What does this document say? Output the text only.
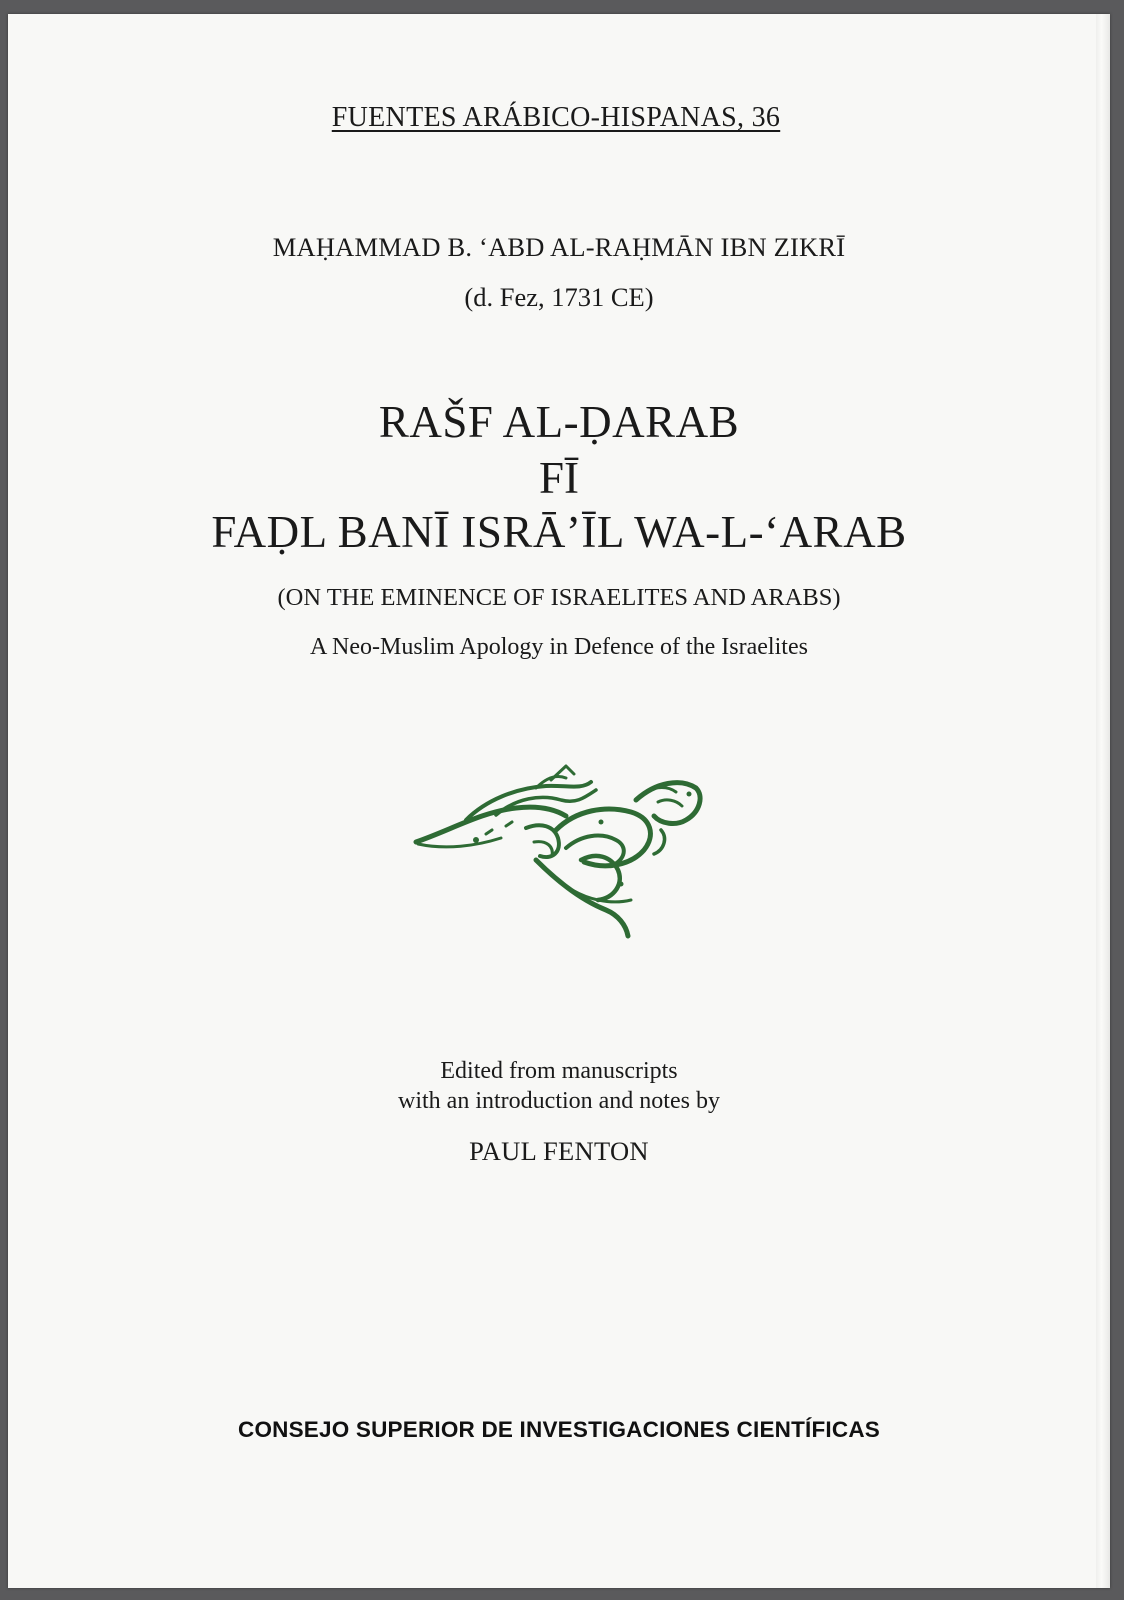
FUENTES ARÁBICO-HISPANAS, 36
MAḤAMMAD B. ‘ABD AL-RAḤMĀN IBN ZIKRĪ
(d. Fez, 1731 CE)
RAŠF AL-ḌARAB
FĪ
FAḌL BANĪ ISRĀ’ĪL WA-L-‘ARAB
(ON THE EMINENCE OF ISRAELITES AND ARABS)
A Neo-Muslim Apology in Defence of the Israelites
Edited from manuscripts
with an introduction and notes by
PAUL FENTON
CONSEJO SUPERIOR DE INVESTIGACIONES CIENTÍFICAS
